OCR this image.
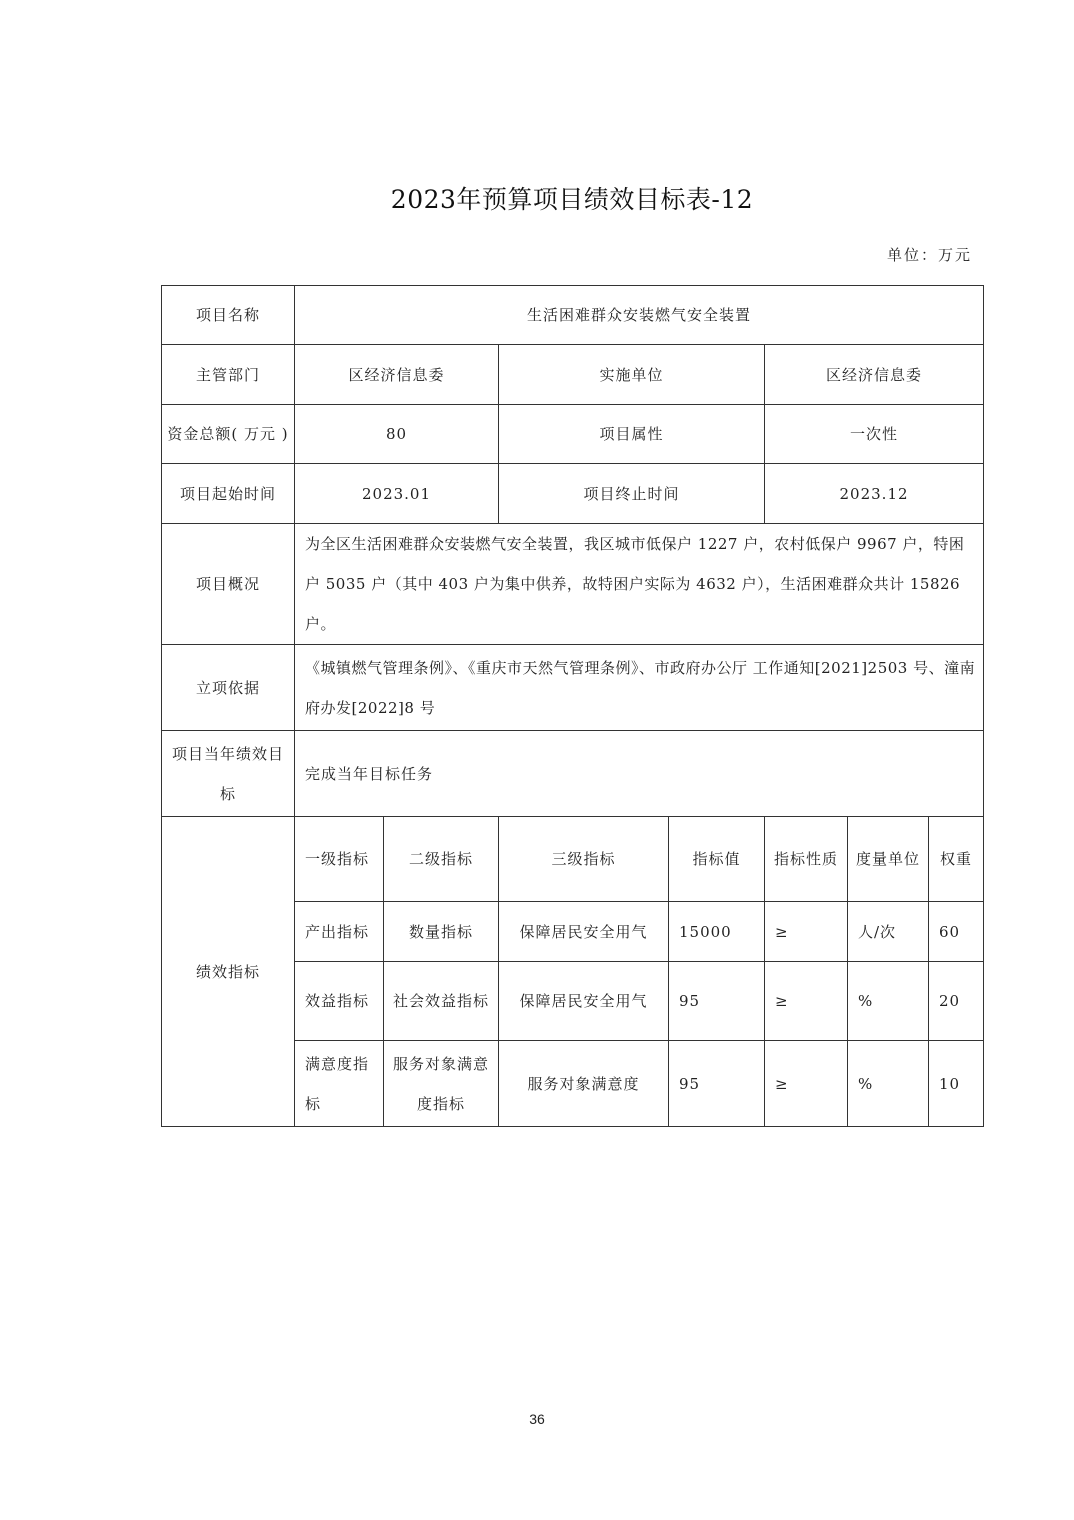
2023年预算项目绩效目标表-12
单位：万元
项目名称	生活困难群众安装燃气安全装置						
主管部门	区经济信息委		实施单位		区经济信息委		
资金总额( 万元 )	80		项目属性		一次性		
项目起始时间	2023.01		项目终止时间		2023.12		
项目概况	为全区生活困难群众安装燃气安全装置，我区城市低保户 1227 户，农村低保户 9967 户，特困户 5035 户（其中 403 户为集中供养，故特困户实际为 4632 户），生活困难群众共计 15826 户。						
立项依据	《城镇燃气管理条例》、《重庆市天然气管理条例》、市政府办公厅 工作通知[2021]2503 号、潼南府办发[2022]8 号						
项目当年绩效目标	完成当年目标任务						
绩效指标	一级指标	二级指标	三级指标	指标值	指标性质	度量单位	权重
	产出指标	数量指标	保障居民安全用气	15000	≥	人/次	60
	效益指标	社会效益指标	保障居民安全用气	95	≥	%	20
	满意度指标	服务对象满意度指标	服务对象满意度	95	≥	%	10
36
